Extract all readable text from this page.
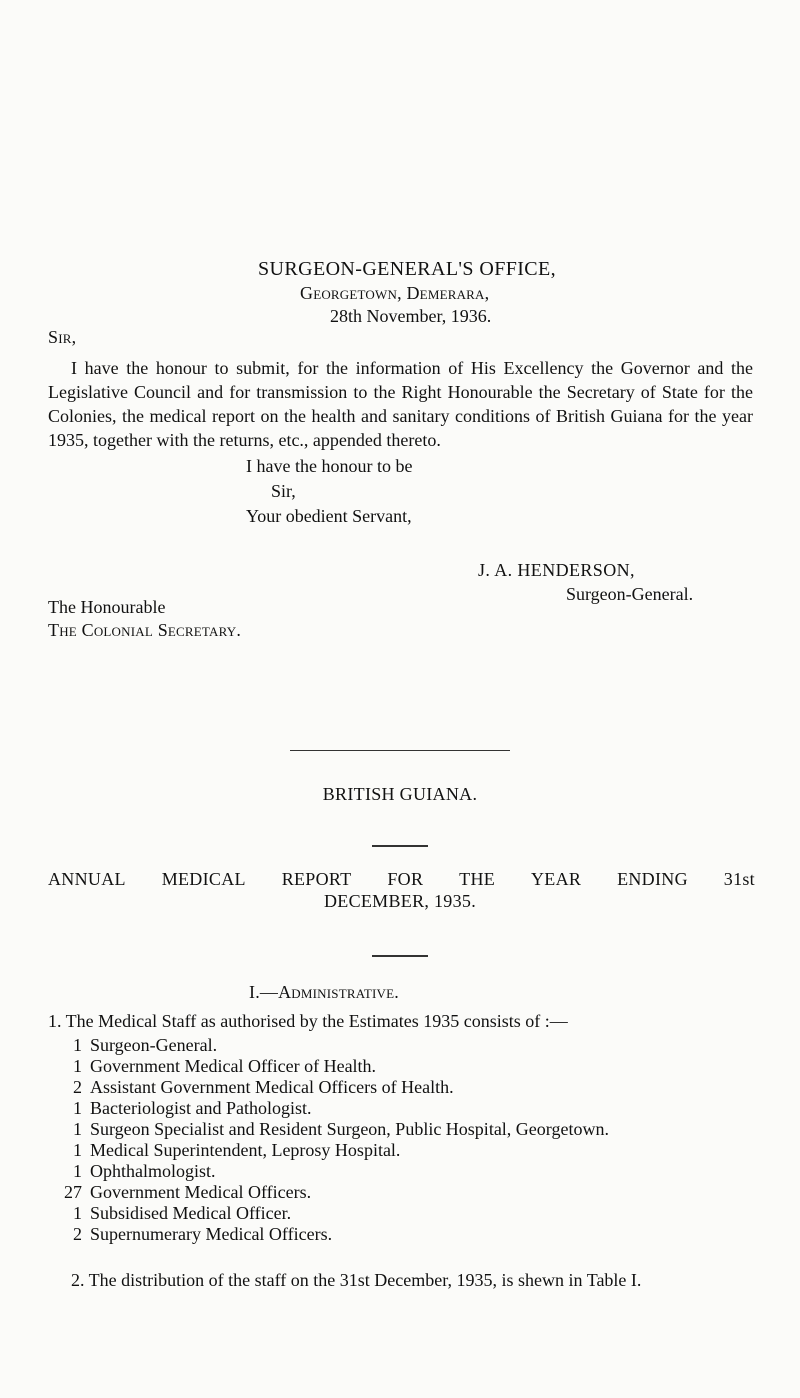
SURGEON-GENERAL'S OFFICE,
Georgetown, Demerara,
28th November, 1936.
Sir,

I have the honour to submit, for the information of His Excellency the Governor and the Legislative Council and for transmission to the Right Honourable the Secretary of State for the Colonies, the medical report on the health and sanitary conditions of British Guiana for the year 1935, together with the returns, etc., appended thereto.

I have the honour to be
Sir,
Your obedient Servant,
J. A. HENDERSON,
Surgeon-General.
The Honourable
The Colonial Secretary.
BRITISH GUIANA.
ANNUAL MEDICAL REPORT FOR THE YEAR ENDING 31st
DECEMBER, 1935.
I.—Administrative.
1. The Medical Staff as authorised by the Estimates 1935 consists of :—
1 Surgeon-General.
1 Government Medical Officer of Health.
2 Assistant Government Medical Officers of Health.
1 Bacteriologist and Pathologist.
1 Surgeon Specialist and Resident Surgeon, Public Hospital, Georgetown.
1 Medical Superintendent, Leprosy Hospital.
1 Ophthalmologist.
27 Government Medical Officers.
1 Subsidised Medical Officer.
2 Supernumerary Medical Officers.

2. The distribution of the staff on the 31st December, 1935, is shewn in Table I.
